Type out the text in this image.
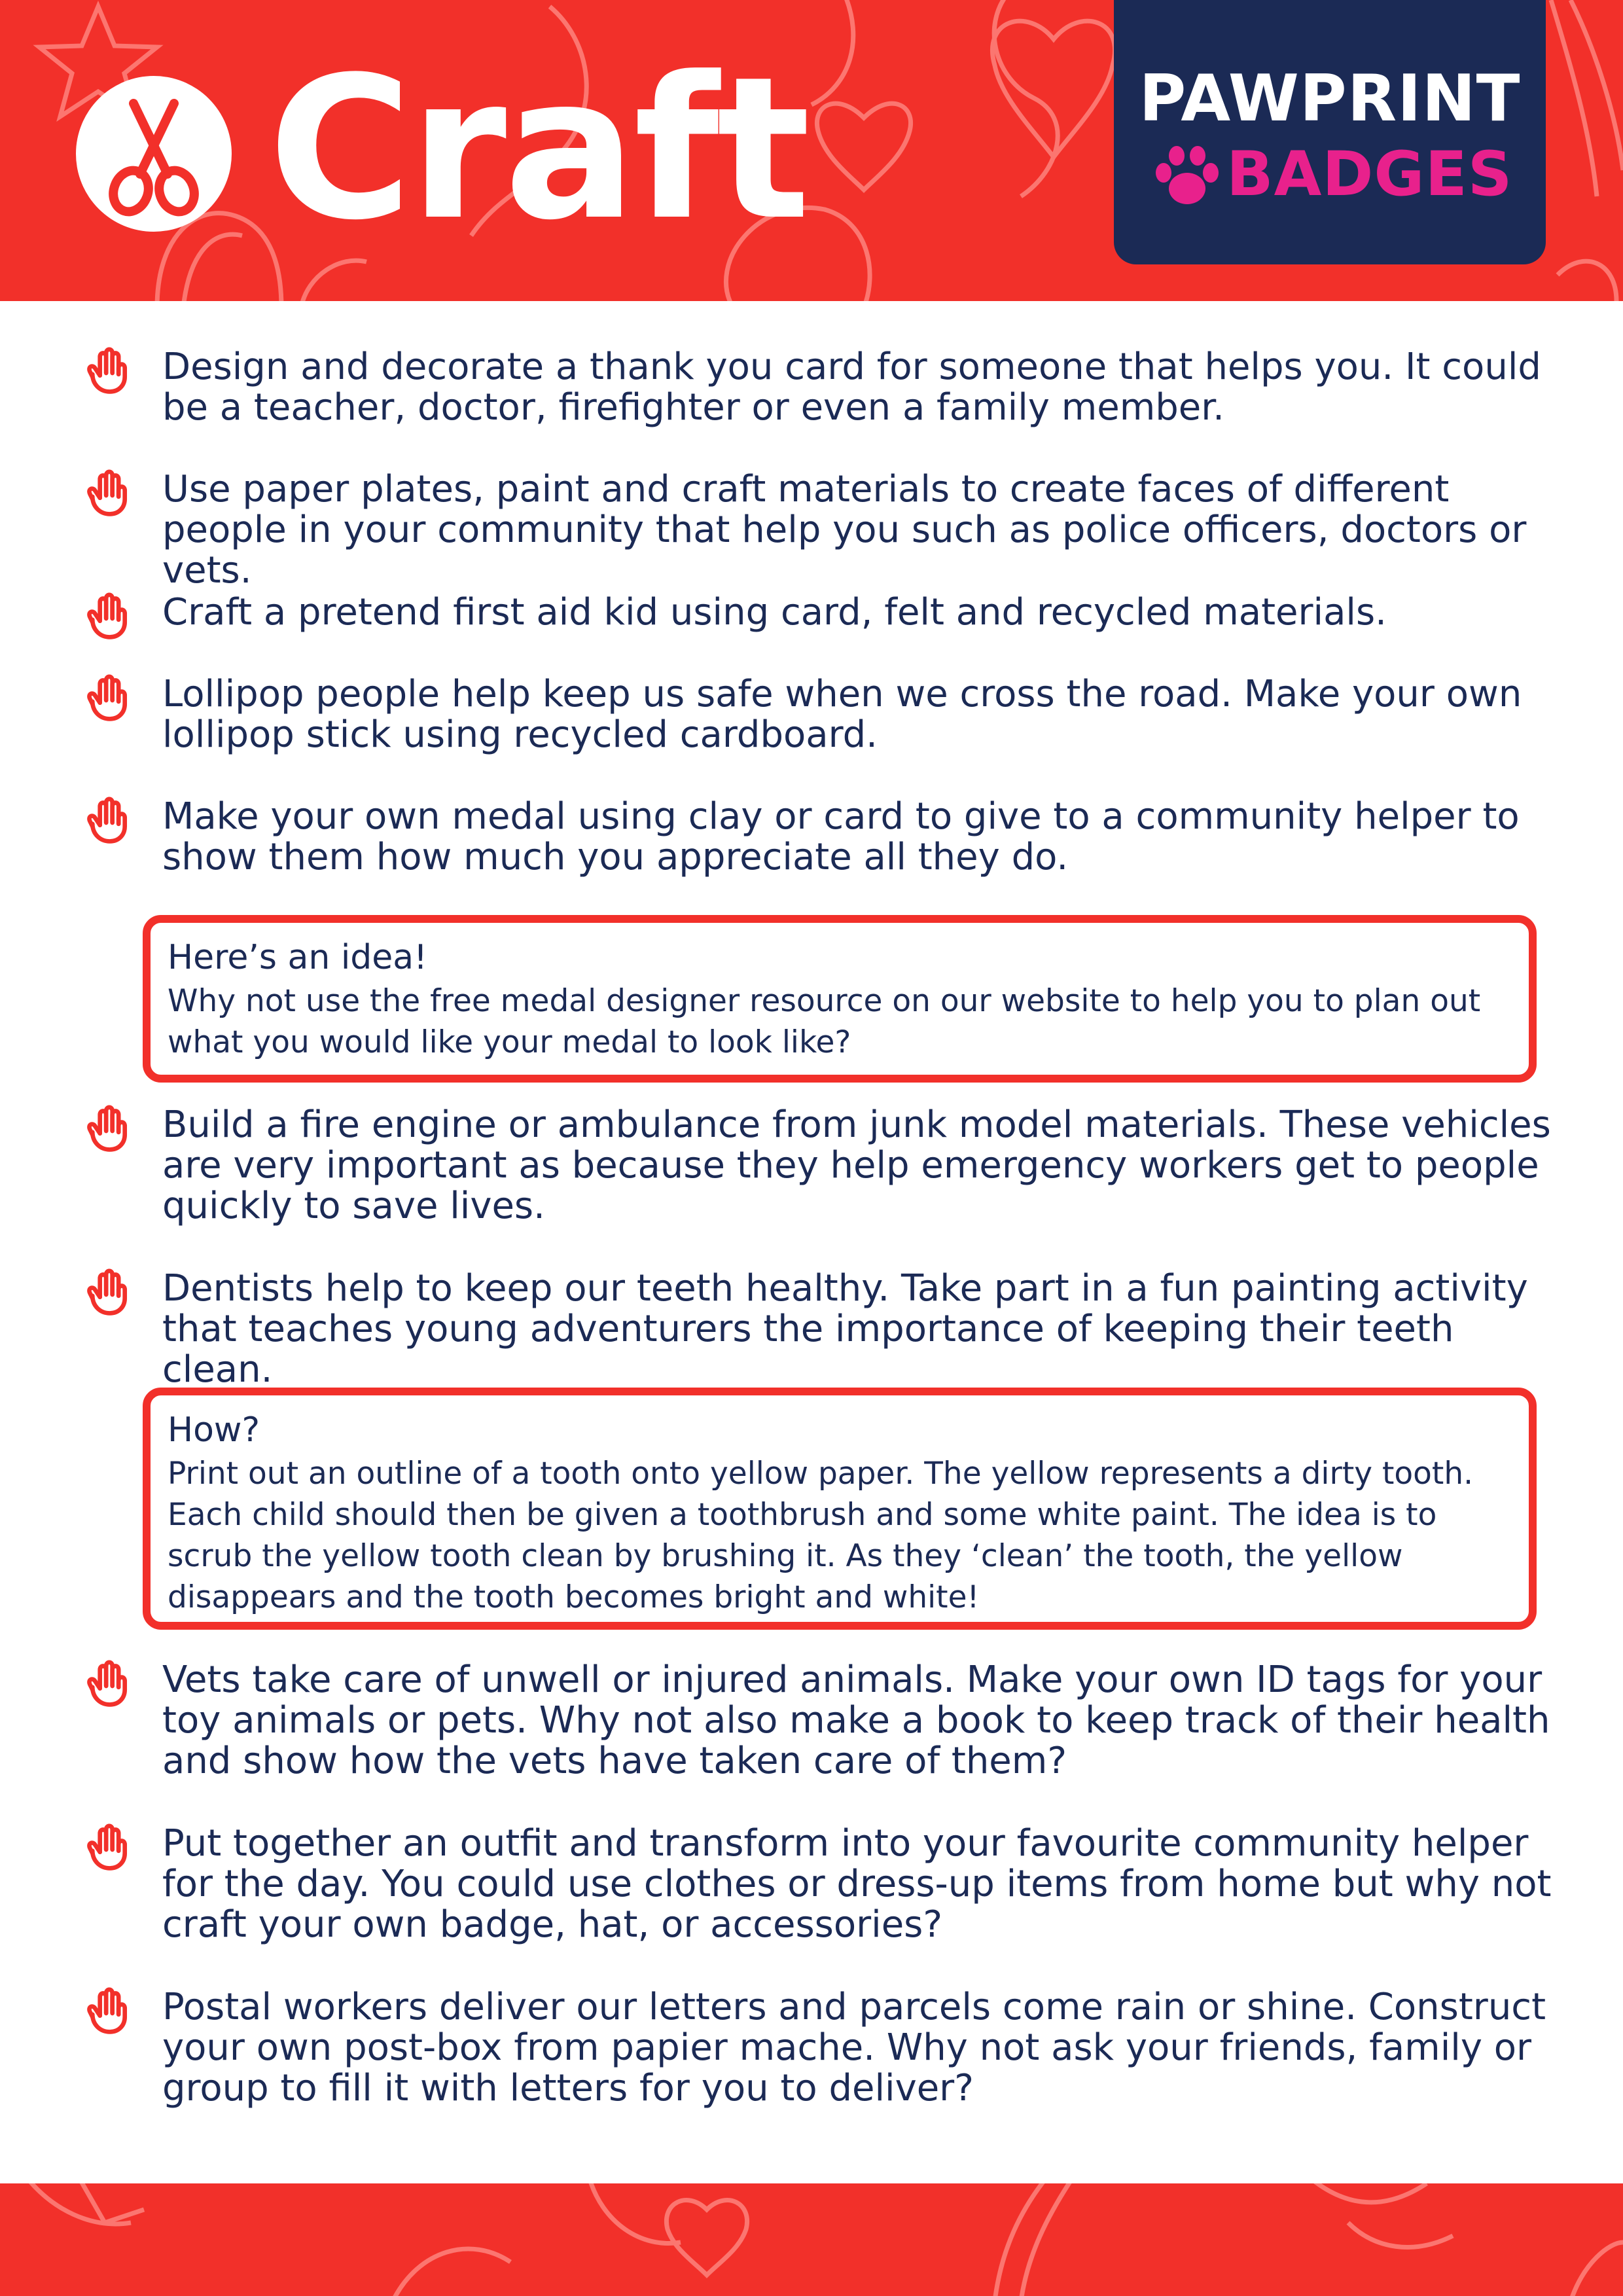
Craft	PAWPRINT
BADGES

Design and decorate a thank you card for someone that helps you. It could be a teacher, doctor, firefighter or even a family member.

Use paper plates, paint and craft materials to create faces of different people in your community that help you such as police officers, doctors or vets.

Craft a pretend first aid kid using card, felt and recycled materials.

Lollipop people help keep us safe when we cross the road. Make your own lollipop stick using recycled cardboard.

Make your own medal using clay or card to give to a community helper to show them how much you appreciate all they do.

Here’s an idea!

Why not use the free medal designer resource on our website to help you to plan out what you would like your medal to look like?

Build a fire engine or ambulance from junk model materials. These vehicles are very important as because they help emergency workers get to people quickly to save lives.

Dentists help to keep our teeth healthy. Take part in a fun painting activity that teaches young adventurers the importance of keeping their teeth clean.

How?

Print out an outline of a tooth onto yellow paper. The yellow represents a dirty tooth. Each child should then be given a toothbrush and some white paint. The idea is to scrub the yellow tooth clean by brushing it. As they ‘clean’ the tooth, the yellow disappears and the tooth becomes bright and white!

Vets take care of unwell or injured animals. Make your own ID tags for your toy animals or pets. Why not also make a book to keep track of their health and show how the vets have taken care of them?

Put together an outfit and transform into your favourite community helper for the day. You could use clothes or dress-up items from home but why not craft your own badge, hat, or accessories?

Postal workers deliver our letters and parcels come rain or shine. Construct your own post-box from papier mache. Why not ask your friends, family or group to fill it with letters for you to deliver?
